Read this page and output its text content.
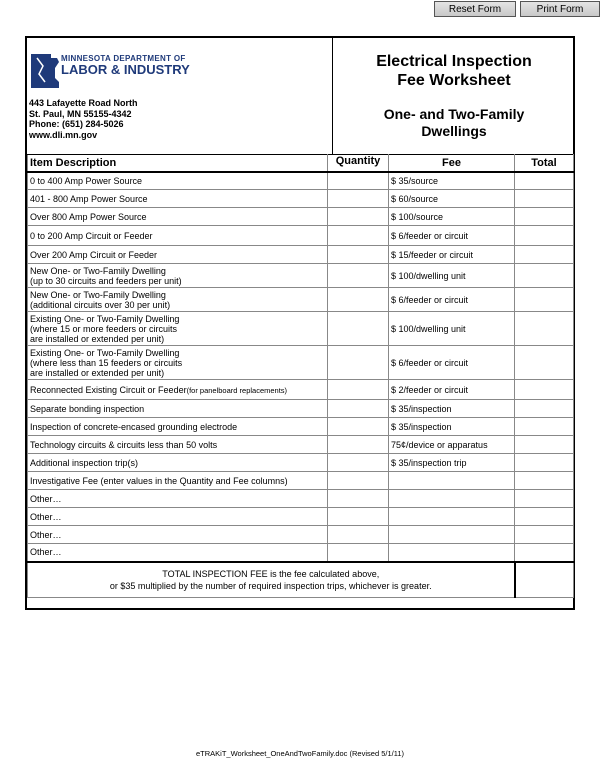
Reset Form	Print Form
MINNESOTA DEPARTMENT OF
LABOR & INDUSTRY
443 Lafayette Road North
St. Paul, MN 55155-4342
Phone: (651) 284-5026
www.dli.mn.gov
Electrical Inspection
Fee Worksheet
One- and Two-Family
Dwellings
Item Description	Quantity	Fee	Total

0 to 400 Amp Power Source		$ 35/source	

401 - 800 Amp Power Source		$ 60/source	

Over 800 Amp Power Source		$ 100/source	

0 to 200 Amp Circuit or Feeder		$ 6/feeder or circuit	

Over 200 Amp Circuit or Feeder		$ 15/feeder or circuit	

New One- or Two-Family Dwelling
(up to 30 circuits and feeders per unit)		$ 100/dwelling unit	

New One- or Two-Family Dwelling
(additional circuits over 30 per unit)		$ 6/feeder or circuit	

Existing One- or Two-Family Dwelling
(where 15 or more feeders or circuits
are installed or extended per unit)		$ 100/dwelling unit	

Existing One- or Two-Family Dwelling
(where less than 15 feeders or circuits
are installed or extended per unit)		$ 6/feeder or circuit	
Reconnected Existing Circuit or Feeder(for panelboard replacements)		$ 2/feeder or circuit	

Separate bonding inspection		$ 35/inspection	

Inspection of concrete-encased grounding electrode		$ 35/inspection	

Technology circuits & circuits less than 50 volts		75¢/device or apparatus	

Additional inspection trip(s)		$ 35/inspection trip	

Investigative Fee (enter values in the Quantity and Fee columns)			

Other…			

Other…			

Other…			

Other…			

TOTAL INSPECTION FEE is the fee calculated above,
or $35 multiplied by the number of required inspection trips, whichever is greater.			

eTRAKiT_Worksheet_OneAndTwoFamily.doc (Revised 5/1/11)
